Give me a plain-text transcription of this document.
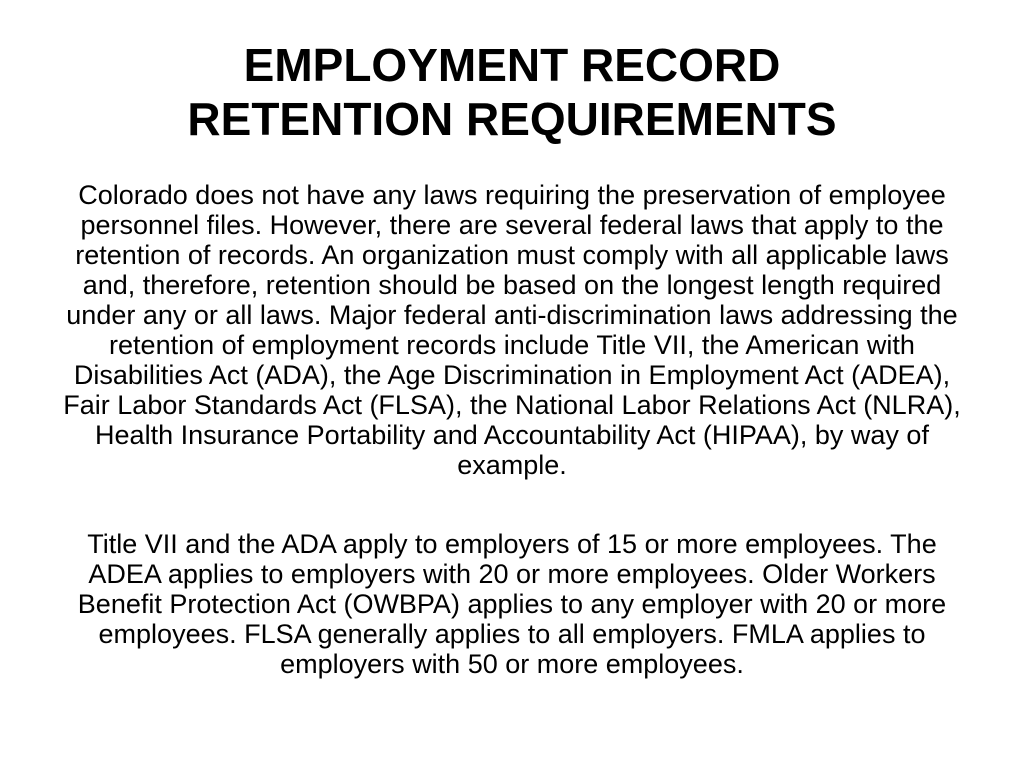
EMPLOYMENT RECORD
RETENTION REQUIREMENTS

Colorado does not have any laws requiring the preservation of employee personnel files. However, there are several federal laws that apply to the retention of records. An organization must comply with all applicable laws and, therefore, retention should be based on the longest length required under any or all laws. Major federal anti-discrimination laws addressing the retention of employment records include Title VII, the American with Disabilities Act (ADA), the Age Discrimination in Employment Act (ADEA), Fair Labor Standards Act (FLSA), the National Labor Relations Act (NLRA), Health Insurance Portability and Accountability Act (HIPAA), by way of example.

Title VII and the ADA apply to employers of 15 or more employees. The ADEA applies to employers with 20 or more employees. Older Workers Benefit Protection Act (OWBPA) applies to any employer with 20 or more employees. FLSA generally applies to all employers. FMLA applies to employers with 50 or more employees.
